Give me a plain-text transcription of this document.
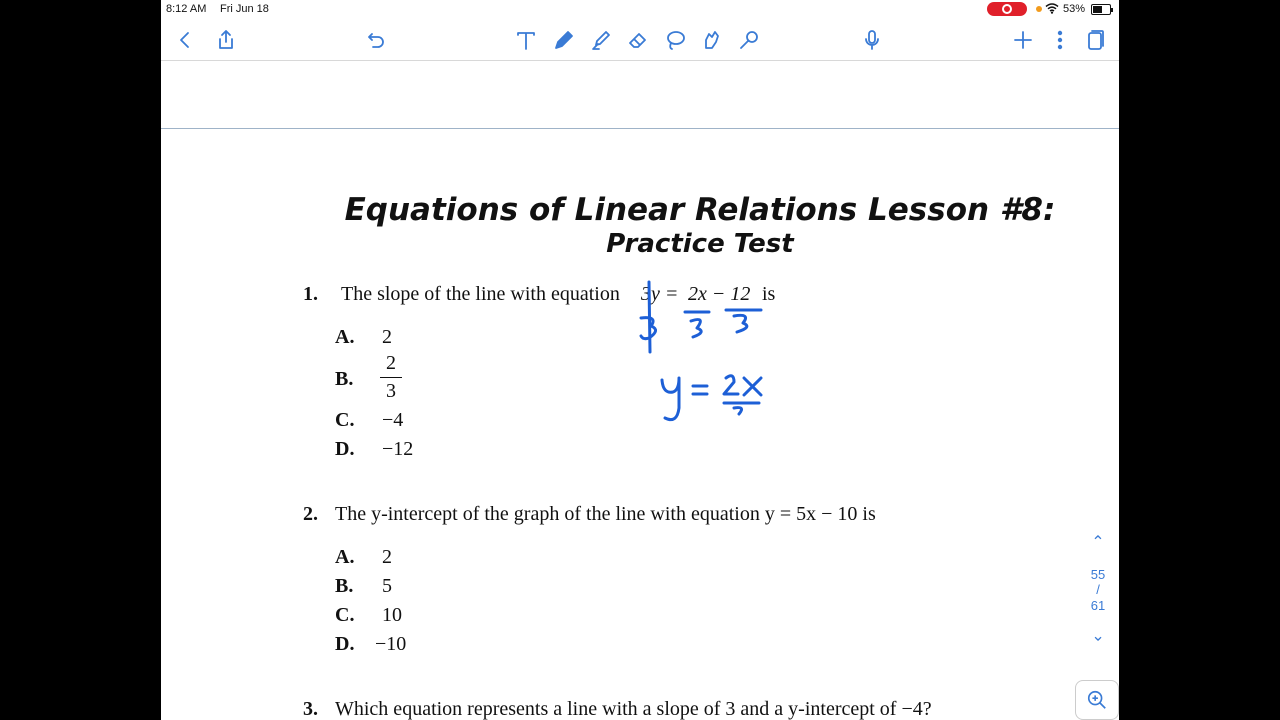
8:12 AM Fri Jun 18	53%
Equations of Linear Relations Lesson #8:
Practice Test
1. The slope of the line with equation 3y = 2x − 12 is
A. 2
B.
2
3
C. −4
D. −12
2. The y-intercept of the graph of the line with equation y = 5x − 10 is
A. 2
B. 5
C. 10
D. −10
3. Which equation represents a line with a slope of 3 and a y-intercept of −4?
⌃
55
/
61
⌃
